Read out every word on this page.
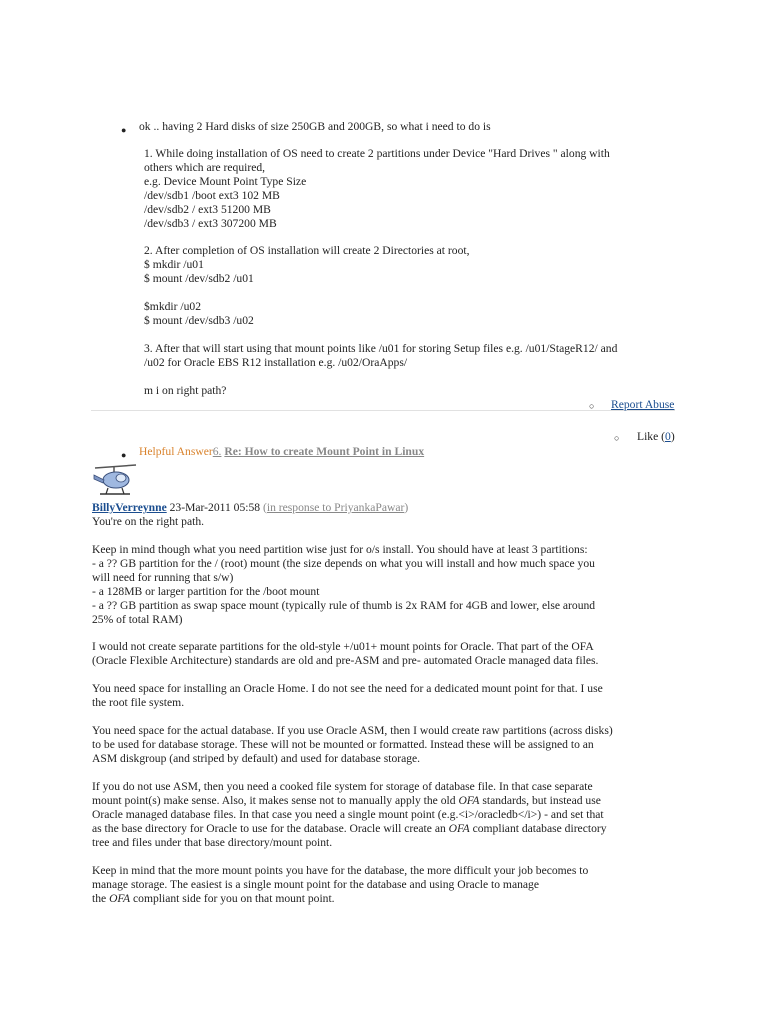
● ok .. having 2 Hard disks of size 250GB and 200GB, so what i need to do is
1. While doing installation of OS need to create 2 partitions under Device "Hard Drives " along with
others which are required,
e.g. Device Mount Point Type Size
/dev/sdb1 /boot ext3 102 MB
/dev/sdb2 / ext3 51200 MB
/dev/sdb3 / ext3 307200 MB
2. After completion of OS installation will create 2 Directories at root,
$ mkdir /u01
$ mount /dev/sdb2 /u01
$mkdir /u02
$ mount /dev/sdb3 /u02
3. After that will start using that mount points like /u01 for storing Setup files e.g. /u01/StageR12/ and
/u02 for Oracle EBS R12 installation e.g. /u02/OraApps/
m i on right path?
○ Report Abuse
○ Like (0)
● Helpful Answer6. Re: How to create Mount Point in Linux
BillyVerreynne 23-Mar-2011 05:58 (in response to PriyankaPawar)
You're on the right path.
Keep in mind though what you need partition wise just for o/s install. You should have at least 3 partitions:
- a ?? GB partition for the / (root) mount (the size depends on what you will install and how much space you
will need for running that s/w)
- a 128MB or larger partition for the /boot mount
- a ?? GB partition as swap space mount (typically rule of thumb is 2x RAM for 4GB and lower, else around
25% of total RAM)
I would not create separate partitions for the old-style +/u01+ mount points for Oracle. That part of the OFA
(Oracle Flexible Architecture) standards are old and pre-ASM and pre- automated Oracle managed data files.
You need space for installing an Oracle Home. I do not see the need for a dedicated mount point for that. I use
the root file system.
You need space for the actual database. If you use Oracle ASM, then I would create raw partitions (across disks)
to be used for database storage. These will not be mounted or formatted. Instead these will be assigned to an
ASM diskgroup (and striped by default) and used for database storage.
If you do not use ASM, then you need a cooked file system for storage of database file. In that case separate
mount point(s) make sense. Also, it makes sense not to manually apply the old OFA standards, but instead use
Oracle managed database files. In that case you need a single mount point (e.g.<i>/oracledb</i>) - and set that
as the base directory for Oracle to use for the database. Oracle will create an OFA compliant database directory
tree and files under that base directory/mount point.
Keep in mind that the more mount points you have for the database, the more difficult your job becomes to
manage storage. The easiest is a single mount point for the database and using Oracle to manage
the OFA compliant side for you on that mount point.
